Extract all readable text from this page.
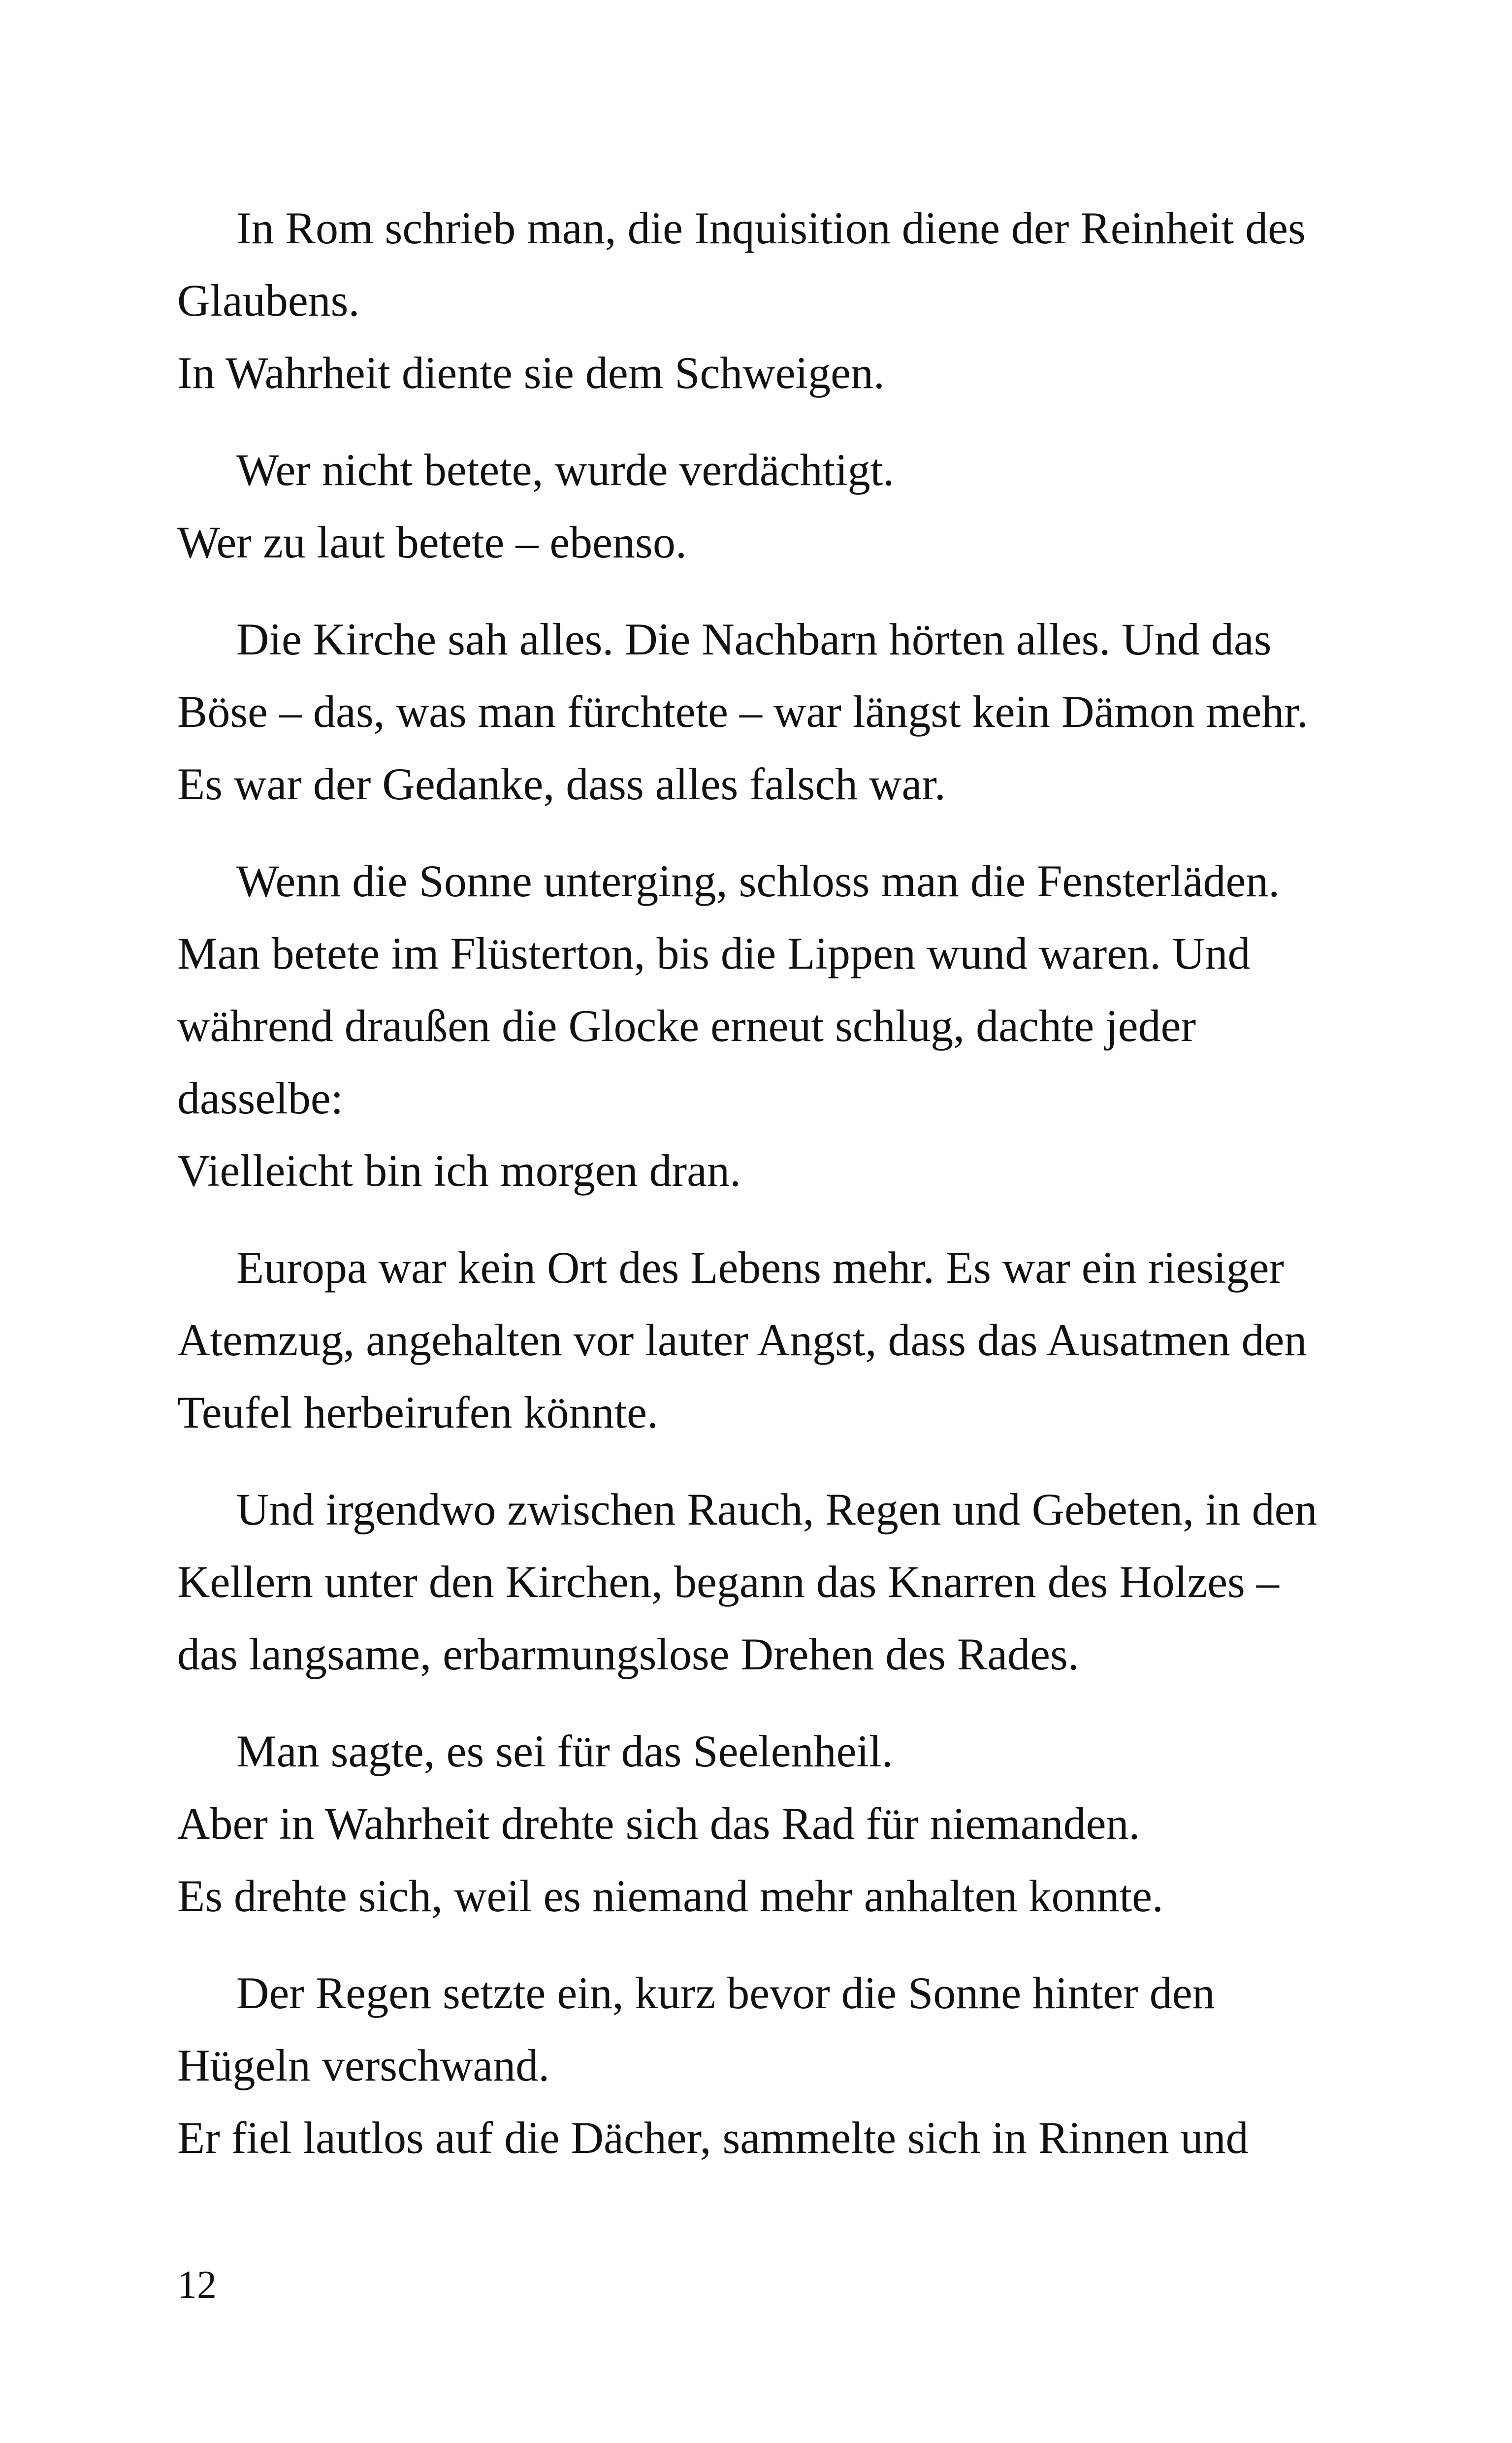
In Rom schrieb man, die Inquisition diene der Reinheit des
Glaubens.
In Wahrheit diente sie dem Schweigen.
Wer nicht betete, wurde verdächtigt.
Wer zu laut betete – ebenso.
Die Kirche sah alles. Die Nachbarn hörten alles. Und das
Böse – das, was man fürchtete – war längst kein Dämon mehr.
Es war der Gedanke, dass alles falsch war.
Wenn die Sonne unterging, schloss man die Fensterläden.
Man betete im Flüsterton, bis die Lippen wund waren. Und
während draußen die Glocke erneut schlug, dachte jeder
dasselbe:
Vielleicht bin ich morgen dran.
Europa war kein Ort des Lebens mehr. Es war ein riesiger
Atemzug, angehalten vor lauter Angst, dass das Ausatmen den
Teufel herbeirufen könnte.
Und irgendwo zwischen Rauch, Regen und Gebeten, in den
Kellern unter den Kirchen, begann das Knarren des Holzes –
das langsame, erbarmungslose Drehen des Rades.
Man sagte, es sei für das Seelenheil.
Aber in Wahrheit drehte sich das Rad für niemanden.
Es drehte sich, weil es niemand mehr anhalten konnte.
Der Regen setzte ein, kurz bevor die Sonne hinter den
Hügeln verschwand.
Er fiel lautlos auf die Dächer, sammelte sich in Rinnen und
12
